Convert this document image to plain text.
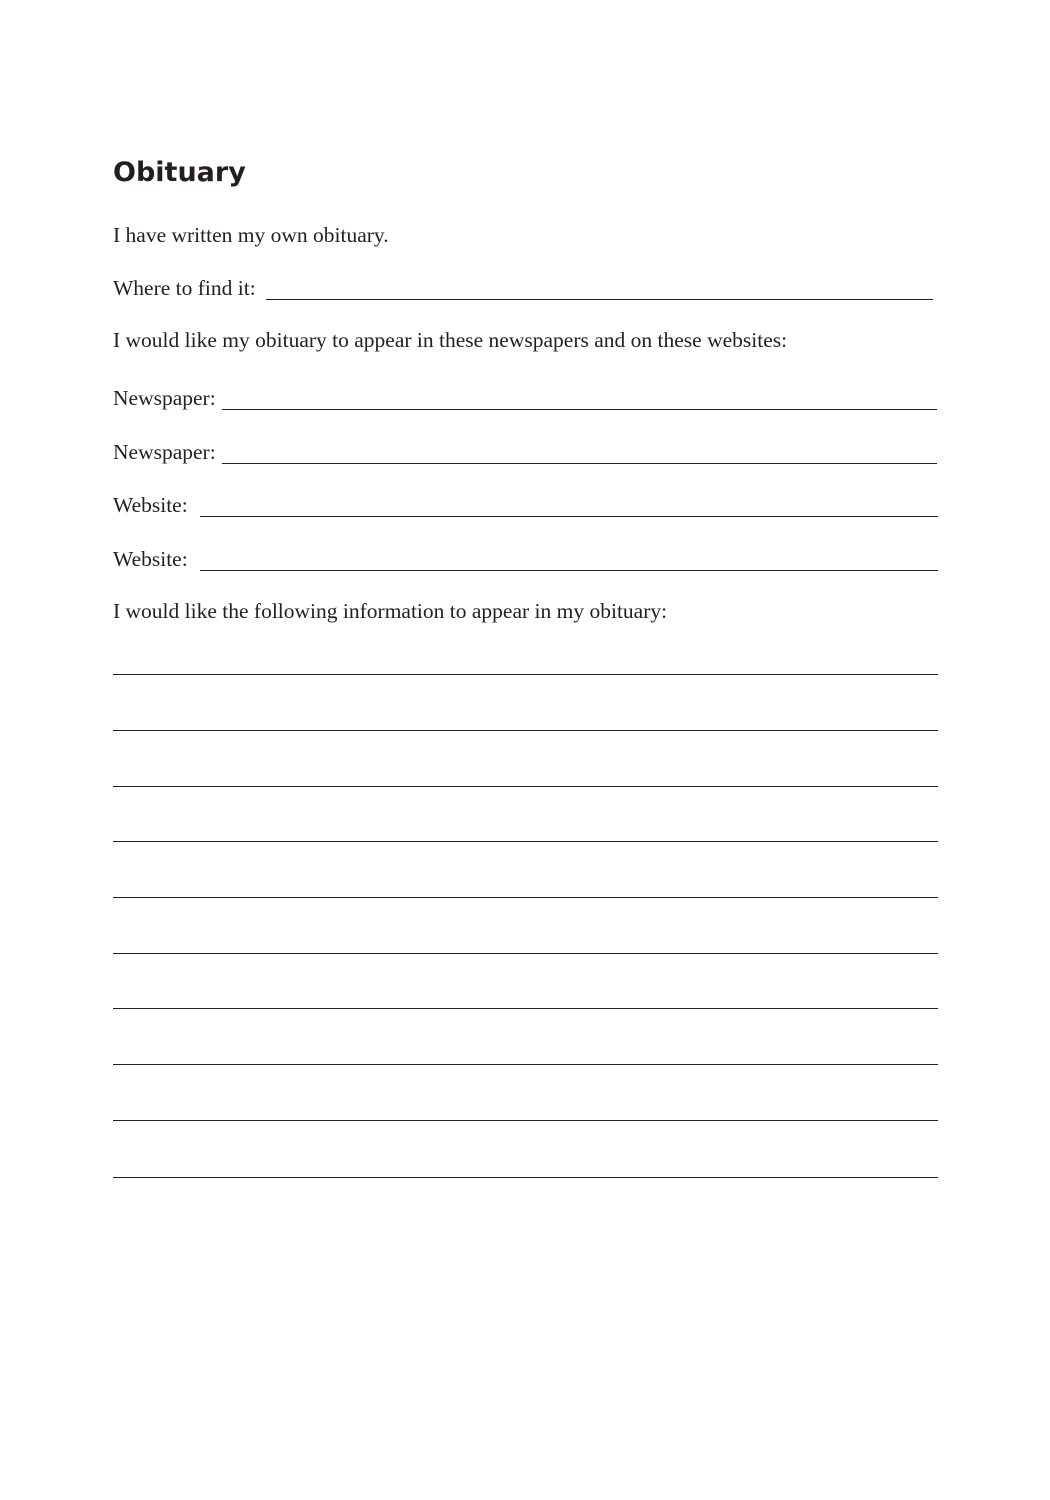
Obituary

I have written my own obituary.

Where to find it:

I would like my obituary to appear in these newspapers and on these websites:

Newspaper:
Newspaper:
Website:
Website:

I would like the following information to appear in my obituary:
